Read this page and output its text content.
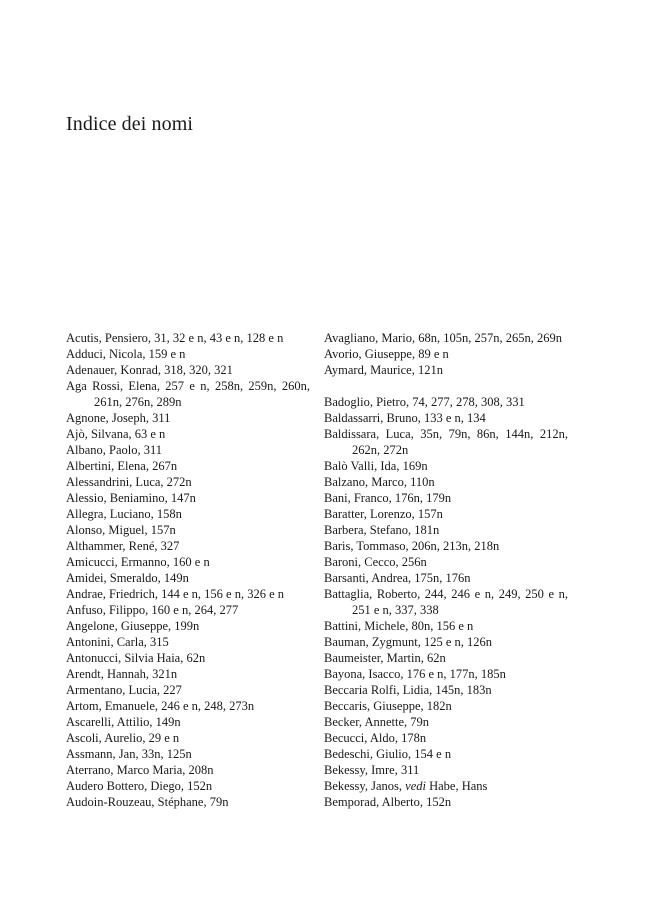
Indice dei nomi
Acutis, Pensiero, 31, 32 e n, 43 e n, 128 e n
Adduci, Nicola, 159 e n
Adenauer, Konrad, 318, 320, 321
Aga Rossi, Elena, 257 e n, 258n, 259n, 260n, 261n, 276n, 289n
Agnone, Joseph, 311
Ajò, Silvana, 63 e n
Albano, Paolo, 311
Albertini, Elena, 267n
Alessandrini, Luca, 272n
Alessio, Beniamino, 147n
Allegra, Luciano, 158n
Alonso, Miguel, 157n
Althammer, René, 327
Amicucci, Ermanno, 160 e n
Amidei, Smeraldo, 149n
Andrae, Friedrich, 144 e n, 156 e n, 326 e n
Anfuso, Filippo, 160 e n, 264, 277
Angelone, Giuseppe, 199n
Antonini, Carla, 315
Antonucci, Silvia Haia, 62n
Arendt, Hannah, 321n
Armentano, Lucia, 227
Artom, Emanuele, 246 e n, 248, 273n
Ascarelli, Attilio, 149n
Ascoli, Aurelio, 29 e n
Assmann, Jan, 33n, 125n
Aterrano, Marco Maria, 208n
Audero Bottero, Diego, 152n
Audoin-Rouzeau, Stéphane, 79n
Avagliano, Mario, 68n, 105n, 257n, 265n, 269n
Avorio, Giuseppe, 89 e n
Aymard, Maurice, 121n
Badoglio, Pietro, 74, 277, 278, 308, 331
Baldassarri, Bruno, 133 e n, 134
Baldissara, Luca, 35n, 79n, 86n, 144n, 212n, 262n, 272n
Balò Valli, Ida, 169n
Balzano, Marco, 110n
Bani, Franco, 176n, 179n
Baratter, Lorenzo, 157n
Barbera, Stefano, 181n
Baris, Tommaso, 206n, 213n, 218n
Baroni, Cecco, 256n
Barsanti, Andrea, 175n, 176n
Battaglia, Roberto, 244, 246 e n, 249, 250 e n, 251 e n, 337, 338
Battini, Michele, 80n, 156 e n
Bauman, Zygmunt, 125 e n, 126n
Baumeister, Martin, 62n
Bayona, Isacco, 176 e n, 177n, 185n
Beccaria Rolfi, Lidia, 145n, 183n
Beccaris, Giuseppe, 182n
Becker, Annette, 79n
Becucci, Aldo, 178n
Bedeschi, Giulio, 154 e n
Bekessy, Imre, 311
Bekessy, Janos, vedi Habe, Hans
Bemporad, Alberto, 152n
